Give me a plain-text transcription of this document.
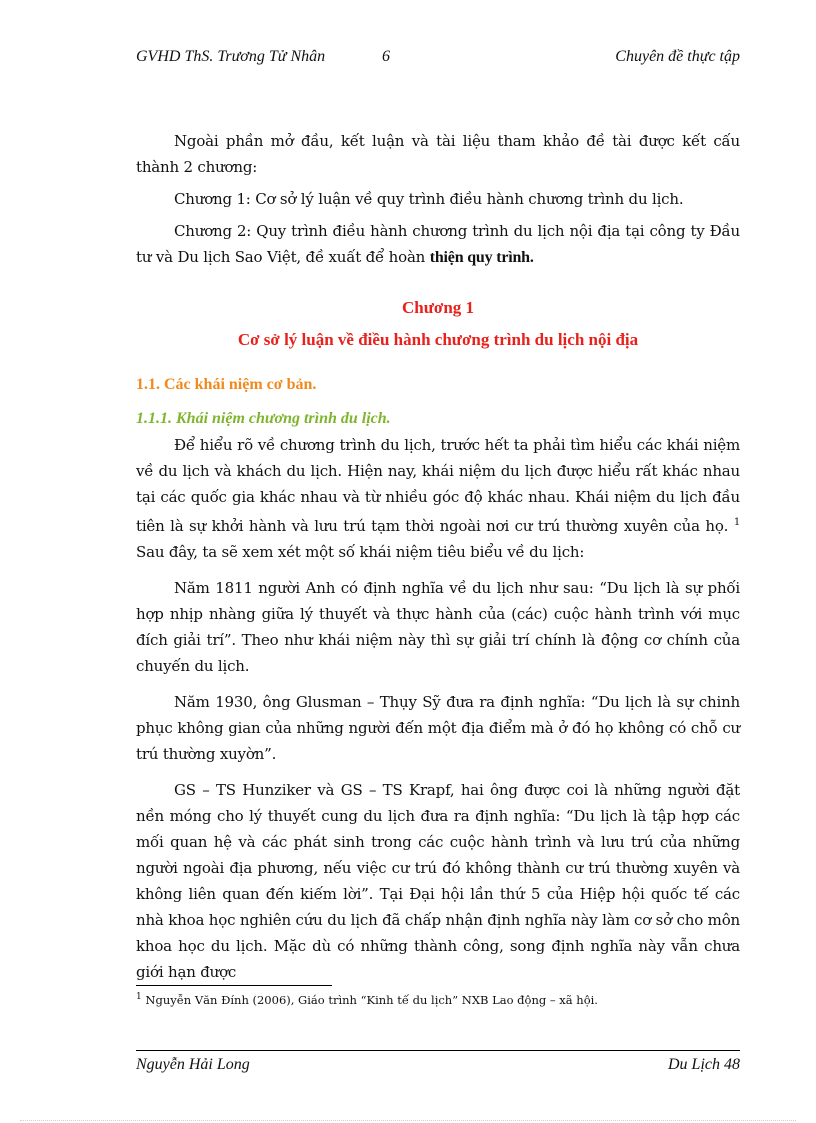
GVHD ThS. Trương Tử Nhân	6	Chuyên đề thực tập

Ngoài phần mở đầu, kết luận và tài liệu tham khảo đề tài được kết cấu thành 2 chương:

Chương 1: Cơ sở lý luận về quy trình điều hành chương trình du lịch.

Chương 2: Quy trình điều hành chương trình du lịch nội địa tại công ty Đầu tư và Du lịch Sao Việt, đề xuất để hoàn thiện quy trình.

Chương 1
Cơ sở lý luận về điều hành chương trình du lịch nội địa
1.1. Các khái niệm cơ bản.
1.1.1. Khái niệm chương trình du lịch.

Để hiểu rõ về chương trình du lịch, trước hết ta phải tìm hiểu các khái niệm về du lịch và khách du lịch. Hiện nay, khái niệm du lịch được hiểu rất khác nhau tại các quốc gia khác nhau và từ nhiều góc độ khác nhau. Khái niệm du lịch đầu tiên là sự khởi hành và lưu trú tạm thời ngoài nơi cư trú thường xuyên của họ. $^1$ Sau đây, ta sẽ xem xét một số khái niệm tiêu biểu về du lịch:

Năm 1811 người Anh có định nghĩa về du lịch như sau: “Du lịch là sự phối hợp nhịp nhàng giữa lý thuyết và thực hành của (các) cuộc hành trình với mục đích giải trí”. Theo như khái niệm này thì sự giải trí chính là động cơ chính của chuyến du lịch.

Năm 1930, ông Glusman – Thụy Sỹ đưa ra định nghĩa: “Du lịch là sự chinh phục không gian của những người đến một địa điểm mà ở đó họ không có chỗ cư trú thường xuyờn”.

GS – TS Hunziker và GS – TS Krapf, hai ông được coi là những người đặt nền móng cho lý thuyết cung du lịch đưa ra định nghĩa: “Du lịch là tập hợp các mối quan hệ và các phát sinh trong các cuộc hành trình và lưu trú của những người ngoài địa phương, nếu việc cư trú đó không thành cư trú thường xuyên và không liên quan đến kiếm lời”. Tại Đại hội lần thứ 5 của Hiệp hội quốc tế các nhà khoa học nghiên cứu du lịch đã chấp nhận định nghĩa này làm cơ sở cho môn khoa học du lịch. Mặc dù có những thành công, song định nghĩa này vẫn chưa giới hạn được

$^1$ Nguyễn Văn Đính (2006), Giáo trình “Kinh tế du lịch” NXB Lao động – xã hội.
Nguyễn Hải Long	Du Lịch 48
